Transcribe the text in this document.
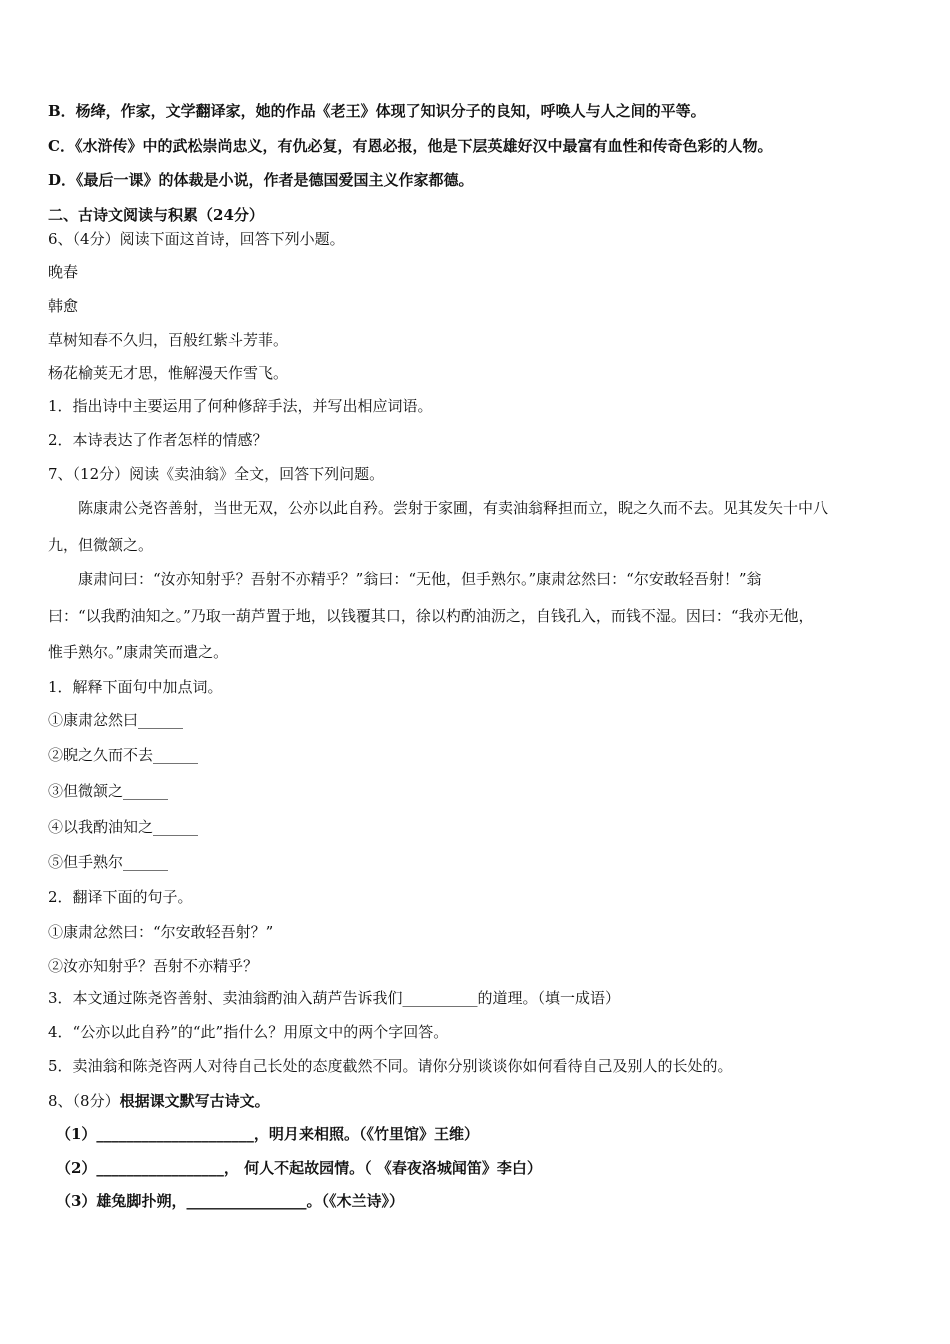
B．杨绛，作家，文学翻译家，她的作品《老王》体现了知识分子的良知，呼唤人与人之间的平等。
C．《水浒传》中的武松崇尚忠义，有仇必复，有恩必报，他是下层英雄好汉中最富有血性和传奇色彩的人物。
D．《最后一课》的体裁是小说，作者是德国爱国主义作家都德。
二、古诗文阅读与积累（24分）
6、（4分）阅读下面这首诗，回答下列小题。
晚春
韩愈
草树知春不久归，百般红紫斗芳菲。
杨花榆荚无才思，惟解漫天作雪飞。
1．指出诗中主要运用了何种修辞手法，并写出相应词语。
2．本诗表达了作者怎样的情感？
7、（12分）阅读《卖油翁》全文，回答下列问题。
陈康肃公尧咨善射，当世无双，公亦以此自矜。尝射于家圃，有卖油翁释担而立，睨之久而不去。见其发矢十中八
九，但微颔之。
康肃问曰：“汝亦知射乎？吾射不亦精乎？”翁曰：“无他，但手熟尔。”康肃忿然曰：“尔安敢轻吾射！”翁
曰：“以我酌油知之。”乃取一葫芦置于地，以钱覆其口，徐以杓酌油沥之，自钱孔入，而钱不湿。因曰：“我亦无他，
惟手熟尔。”康肃笑而遣之。
1．解释下面句中加点词。
①康肃忿然曰______
②睨之久而不去______
③但微颔之______
④以我酌油知之______
⑤但手熟尔______
2．翻译下面的句子。
①康肃忿然曰：“尔安敢轻吾射？”
②汝亦知射乎？吾射不亦精乎？
3．本文通过陈尧咨善射、卖油翁酌油入葫芦告诉我们__________的道理。（填一成语）
4．“公亦以此自矜”的“此”指什么？用原文中的两个字回答。
5．卖油翁和陈尧咨两人对待自己长处的态度截然不同。请你分别谈谈你如何看待自己及别人的长处的。
8、（8分）根据课文默写古诗文。
（1）_____________________，明月来相照。（《竹里馆》王维）
（2）_________________， 何人不起故园情。（ 《春夜洛城闻笛》李白）
（3）雄兔脚扑朔，________________。（《木兰诗》）
